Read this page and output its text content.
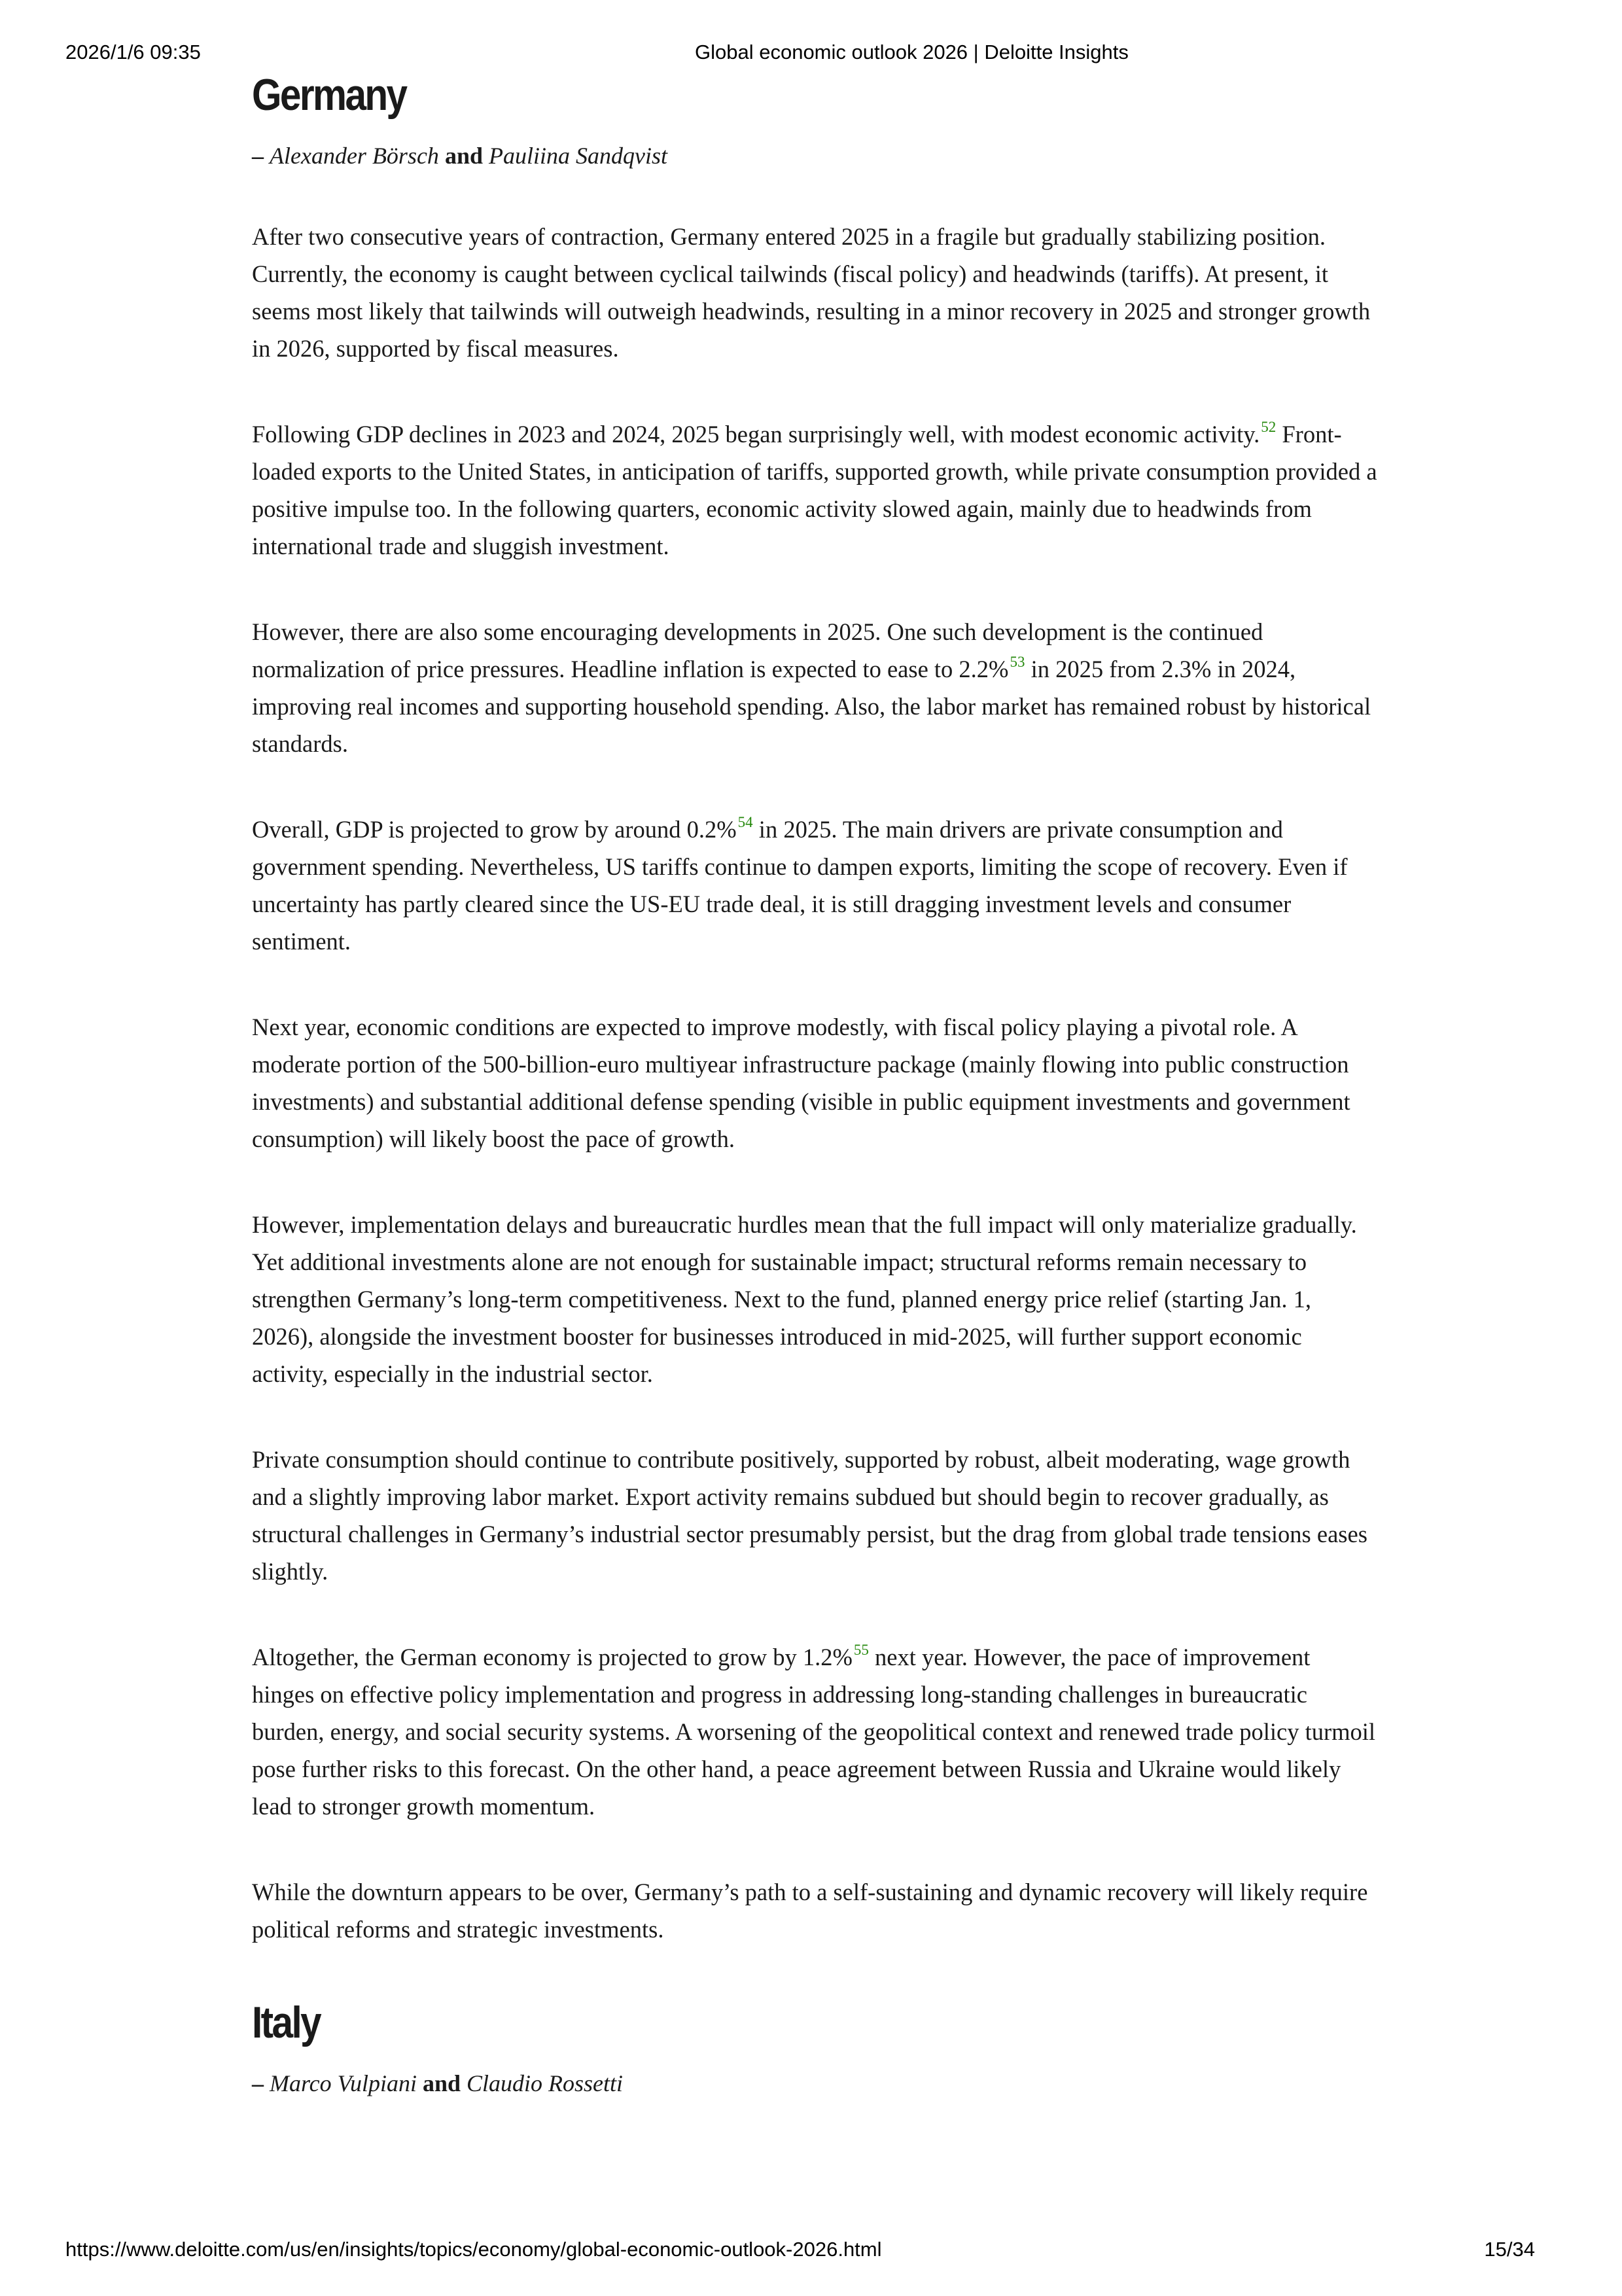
2026/1/6 09:35	Global economic outlook 2026 | Deloitte Insights
Germany

– Alexander Börsch and Pauliina Sandqvist

After two consecutive years of contraction, Germany entered 2025 in a fragile but gradually stabilizing position. Currently, the economy is caught between cyclical tailwinds (fiscal policy) and headwinds (tariffs). At present, it seems most likely that tailwinds will outweigh headwinds, resulting in a minor recovery in 2025 and stronger growth in 2026, supported by fiscal measures.

Following GDP declines in 2023 and 2024, 2025 began surprisingly well, with modest economic activity.$^{52}$ Front-loaded exports to the United States, in anticipation of tariffs, supported growth, while private consumption provided a positive impulse too. In the following quarters, economic activity slowed again, mainly due to headwinds from international trade and sluggish investment.

However, there are also some encouraging developments in 2025. One such development is the continued normalization of price pressures. Headline inflation is expected to ease to 2.2%$^{53}$ in 2025 from 2.3% in 2024, improving real incomes and supporting household spending. Also, the labor market has remained robust by historical standards.

Overall, GDP is projected to grow by around 0.2%$^{54}$ in 2025. The main drivers are private consumption and government spending. Nevertheless, US tariffs continue to dampen exports, limiting the scope of recovery. Even if uncertainty has partly cleared since the US-EU trade deal, it is still dragging investment levels and consumer sentiment.

Next year, economic conditions are expected to improve modestly, with fiscal policy playing a pivotal role. A moderate portion of the 500-billion-euro multiyear infrastructure package (mainly flowing into public construction investments) and substantial additional defense spending (visible in public equipment investments and government consumption) will likely boost the pace of growth.

However, implementation delays and bureaucratic hurdles mean that the full impact will only materialize gradually. Yet additional investments alone are not enough for sustainable impact; structural reforms remain necessary to strengthen Germany’s long-term competitiveness. Next to the fund, planned energy price relief (starting Jan. 1, 2026), alongside the investment booster for businesses introduced in mid-2025, will further support economic activity, especially in the industrial sector.

Private consumption should continue to contribute positively, supported by robust, albeit moderating, wage growth and a slightly improving labor market. Export activity remains subdued but should begin to recover gradually, as structural challenges in Germany’s industrial sector presumably persist, but the drag from global trade tensions eases slightly.

Altogether, the German economy is projected to grow by 1.2%$^{55}$ next year. However, the pace of improvement hinges on effective policy implementation and progress in addressing long-standing challenges in bureaucratic burden, energy, and social security systems. A worsening of the geopolitical context and renewed trade policy turmoil pose further risks to this forecast. On the other hand, a peace agreement between Russia and Ukraine would likely lead to stronger growth momentum.

While the downturn appears to be over, Germany’s path to a self-sustaining and dynamic recovery will likely require political reforms and strategic investments.

Italy

– Marco Vulpiani and Claudio Rossetti

https://www.deloitte.com/us/en/insights/topics/economy/global-economic-outlook-2026.html	15/34
